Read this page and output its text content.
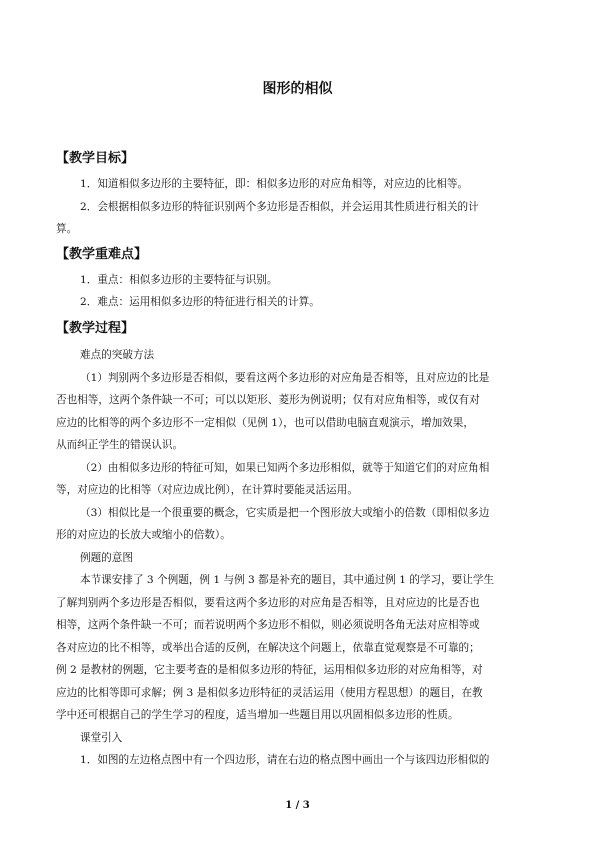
图形的相似
【教学目标】
1．知道相似多边形的主要特征，即：相似多边形的对应角相等，对应边的比相等。
2．会根据相似多边形的特征识别两个多边形是否相似，并会运用其性质进行相关的计
算。
【教学重难点】
1．重点：相似多边形的主要特征与识别。
2．难点：运用相似多边形的特征进行相关的计算。
【教学过程】
难点的突破方法
（1）判别两个多边形是否相似，要看这两个多边形的对应角是否相等，且对应边的比是
否也相等，这两个条件缺一不可；可以以矩形、菱形为例说明；仅有对应角相等，或仅有对
应边的比相等的两个多边形不一定相似（见例 1），也可以借助电脑直观演示，增加效果，
从而纠正学生的错误认识。
（2）由相似多边形的特征可知，如果已知两个多边形相似，就等于知道它们的对应角相
等，对应边的比相等（对应边成比例），在计算时要能灵活运用。
（3）相似比是一个很重要的概念，它实质是把一个图形放大或缩小的倍数（即相似多边
形的对应边的长放大或缩小的倍数）。
例题的意图
本节课安排了 3 个例题，例 1 与例 3 都是补充的题目，其中通过例 1 的学习，要让学生
了解判别两个多边形是否相似，要看这两个多边形的对应角是否相等，且对应边的比是否也
相等，这两个条件缺一不可；而若说明两个多边形不相似，则必须说明各角无法对应相等或
各对应边的比不相等，或举出合适的反例，在解决这个问题上，依靠直觉观察是不可靠的；
例 2 是教材的例题，它主要考查的是相似多边形的特征，运用相似多边形的对应角相等，对
应边的比相等即可求解；例 3 是相似多边形特征的灵活运用（使用方程思想）的题目，在教
学中还可根据自己的学生学习的程度，适当增加一些题目用以巩固相似多边形的性质。
课堂引入
1．如图的左边格点图中有一个四边形，请在右边的格点图中画出一个与该四边形相似的
1 / 3
